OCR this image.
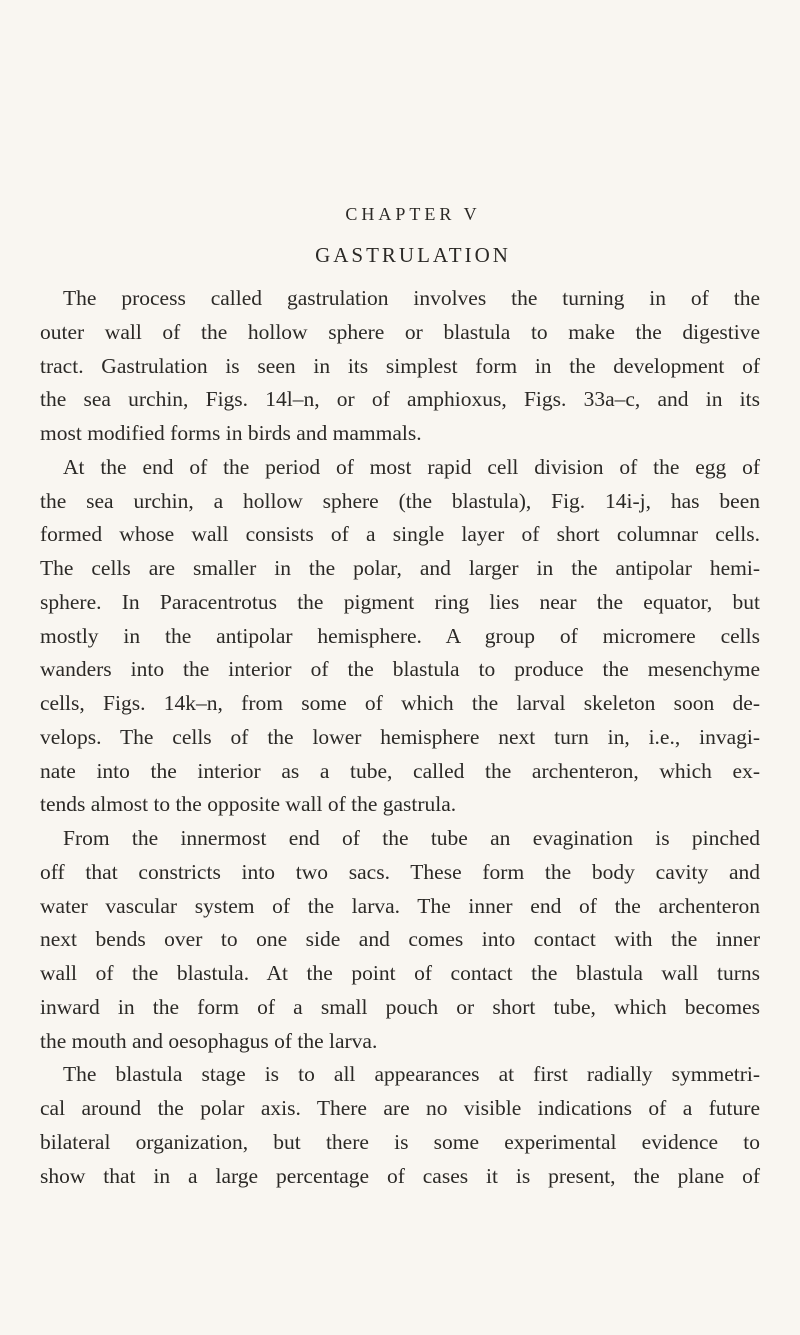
CHAPTER V
GASTRULATION
The process called gastrulation involves the turning in of the
outer wall of the hollow sphere or blastula to make the digestive
tract. Gastrulation is seen in its simplest form in the development of
the sea urchin, Figs. 14l–n, or of amphioxus, Figs. 33a–c, and in its
most modified forms in birds and mammals.
At the end of the period of most rapid cell division of the egg of
the sea urchin, a hollow sphere (the blastula), Fig. 14i-j, has been
formed whose wall consists of a single layer of short columnar cells.
The cells are smaller in the polar, and larger in the antipolar hemi-
sphere. In Paracentrotus the pigment ring lies near the equator, but
mostly in the antipolar hemisphere. A group of micromere cells
wanders into the interior of the blastula to produce the mesenchyme
cells, Figs. 14k–n, from some of which the larval skeleton soon de-
velops. The cells of the lower hemisphere next turn in, i.e., invagi-
nate into the interior as a tube, called the archenteron, which ex-
tends almost to the opposite wall of the gastrula.
From the innermost end of the tube an evagination is pinched
off that constricts into two sacs. These form the body cavity and
water vascular system of the larva. The inner end of the archenteron
next bends over to one side and comes into contact with the inner
wall of the blastula. At the point of contact the blastula wall turns
inward in the form of a small pouch or short tube, which becomes
the mouth and oesophagus of the larva.
The blastula stage is to all appearances at first radially symmetri-
cal around the polar axis. There are no visible indications of a future
bilateral organization, but there is some experimental evidence to
show that in a large percentage of cases it is present, the plane of
